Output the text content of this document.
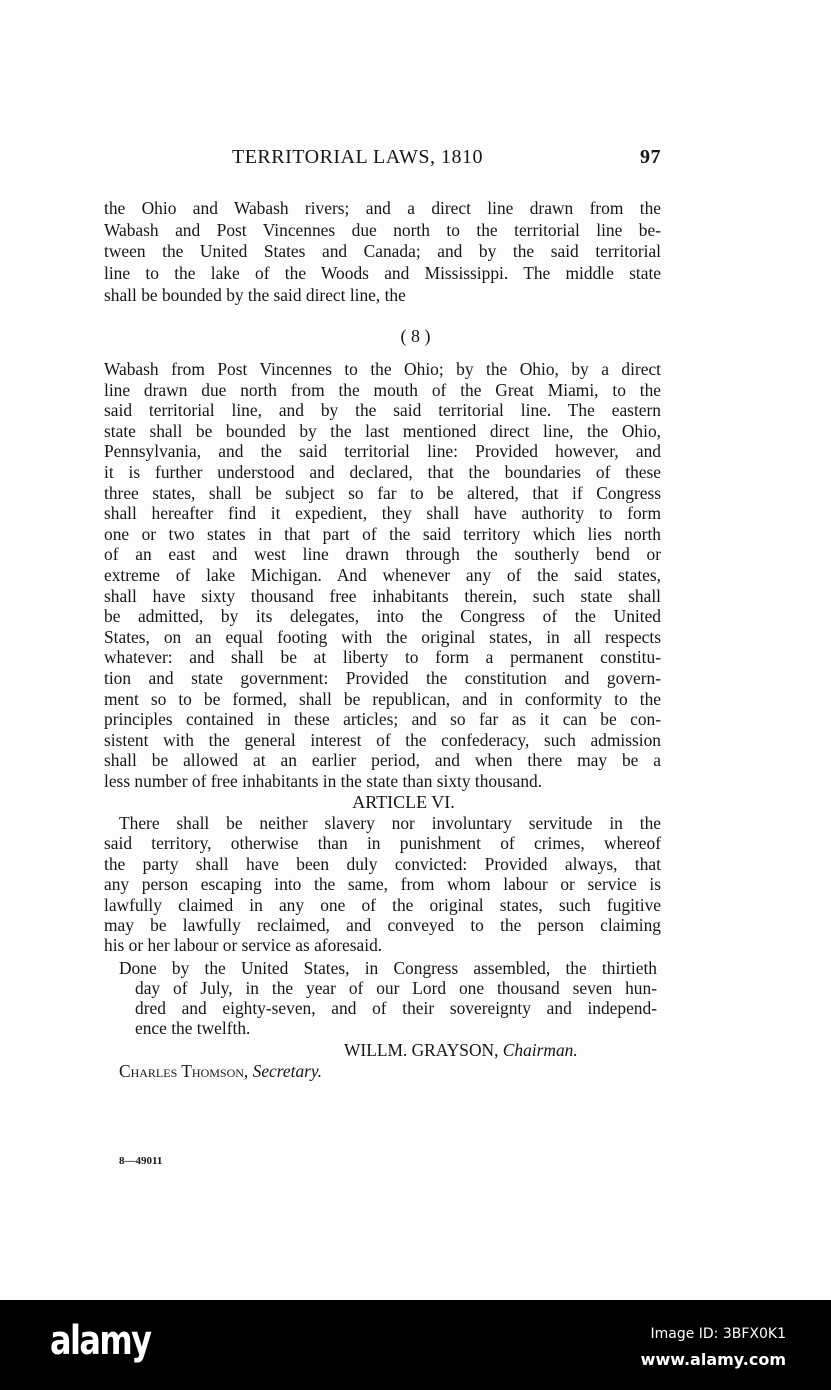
TERRITORIAL LAWS, 1810	97
the Ohio and Wabash rivers; and a direct line drawn from the
Wabash and Post Vincennes due north to the territorial line be-
tween the United States and Canada; and by the said territorial
line to the lake of the Woods and Mississippi. The middle state
shall be bounded by the said direct line, the
( 8 )
Wabash from Post Vincennes to the Ohio; by the Ohio, by a direct
line drawn due north from the mouth of the Great Miami, to the
said territorial line, and by the said territorial line. The eastern
state shall be bounded by the last mentioned direct line, the Ohio,
Pennsylvania, and the said territorial line: Provided however, and
it is further understood and declared, that the boundaries of these
three states, shall be subject so far to be altered, that if Congress
shall hereafter find it expedient, they shall have authority to form
one or two states in that part of the said territory which lies north
of an east and west line drawn through the southerly bend or
extreme of lake Michigan. And whenever any of the said states,
shall have sixty thousand free inhabitants therein, such state shall
be admitted, by its delegates, into the Congress of the United
States, on an equal footing with the original states, in all respects
whatever: and shall be at liberty to form a permanent constitu-
tion and state government: Provided the constitution and govern-
ment so to be formed, shall be republican, and in conformity to the
principles contained in these articles; and so far as it can be con-
sistent with the general interest of the confederacy, such admission
shall be allowed at an earlier period, and when there may be a
less number of free inhabitants in the state than sixty thousand.
ARTICLE VI.
There shall be neither slavery nor involuntary servitude in the
said territory, otherwise than in punishment of crimes, whereof
the party shall have been duly convicted: Provided always, that
any person escaping into the same, from whom labour or service is
lawfully claimed in any one of the original states, such fugitive
may be lawfully reclaimed, and conveyed to the person claiming
his or her labour or service as aforesaid.
Done by the United States, in Congress assembled, the thirtieth
day of July, in the year of our Lord one thousand seven hun-
dred and eighty-seven, and of their sovereignty and independ-
ence the twelfth.
WILLM. GRAYSON, Chairman.
Charles Thomson, Secretary.
8—49011
alamy	Image ID: 3BFX0K1
www.alamy.com
